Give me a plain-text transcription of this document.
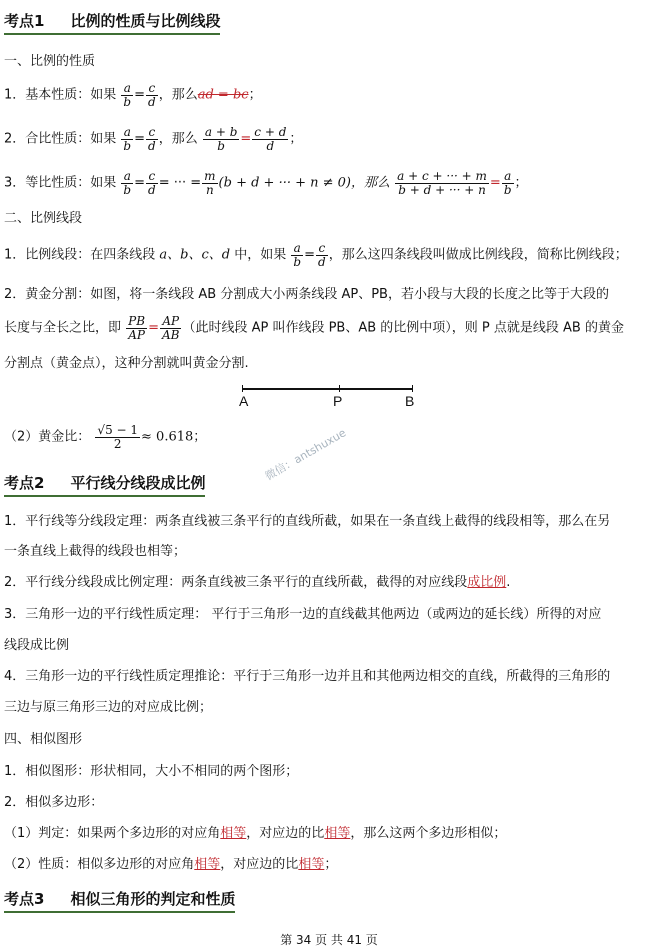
考点1 比例的性质与比例线段
一、比例的性质
1．基本性质：如果 $\frac{a}{b} = \frac{c}{d}$ ，那么ad = bc；
2．合比性质：如果 $\frac{a}{b} = \frac{c}{d}$ ，那么 $\frac{a + b}{b} = \frac{c + d}{d}$ ；
3．等比性质：如果 $\frac{a}{b} = \frac{c}{d}$ = ··· = $\frac{m}{n} (b + d$ + ··· + n ≠ 0)，那么 $\frac{a + c + \cdot\cdot\cdot + m}{b + d + \cdot\cdot\cdot + n} = \frac{a}{b}$ ；
二、比例线段
1．比例线段：在四条线段 a、b、c、d 中，如果 $\frac{a}{b} = \frac{c}{d}$ ，那么这四条线段叫做成比例线段，简称比例线段；
2．黄金分割：如图，将一条线段 AB 分割成大小两条线段 AP、PB，若小段与大段的长度之比等于大段的
长度与全长之比，即 $\frac{PB}{AP} = \frac{AP}{AB}$ （此时线段 AP 叫作线段 PB、AB 的比例中项），则 P 点就是线段 AB 的黄金
分割点（黄金点），这种分割就叫黄金分割.
A	P	B
（2）黄金比： $\frac{√5 - 1}{2} \approx 0.618$；	微信：antshuxue
考点2 平行线分线段成比例
1．平行线等分线段定理：两条直线被三条平行的直线所截，如果在一条直线上截得的线段相等，那么在另
一条直线上截得的线段也相等；
2．平行线分线段成比例定理：两条直线被三条平行的直线所截，截得的对应线段成比例.
3．三角形一边的平行线性质定理： 平行于三角形一边的直线截其他两边（或两边的延长线）所得的对应
线段成比例
4．三角形一边的平行线性质定理推论：平行于三角形一边并且和其他两边相交的直线，所截得的三角形的
三边与原三角形三边的对应成比例；
四、相似图形
1．相似图形：形状相同，大小不相同的两个图形；
2．相似多边形：
（1）判定：如果两个多边形的对应角相等，对应边的比相等，那么这两个多边形相似；
（2）性质：相似多边形的对应角相等，对应边的比相等；
考点3 相似三角形的判定和性质
第 34 页 共 41 页
